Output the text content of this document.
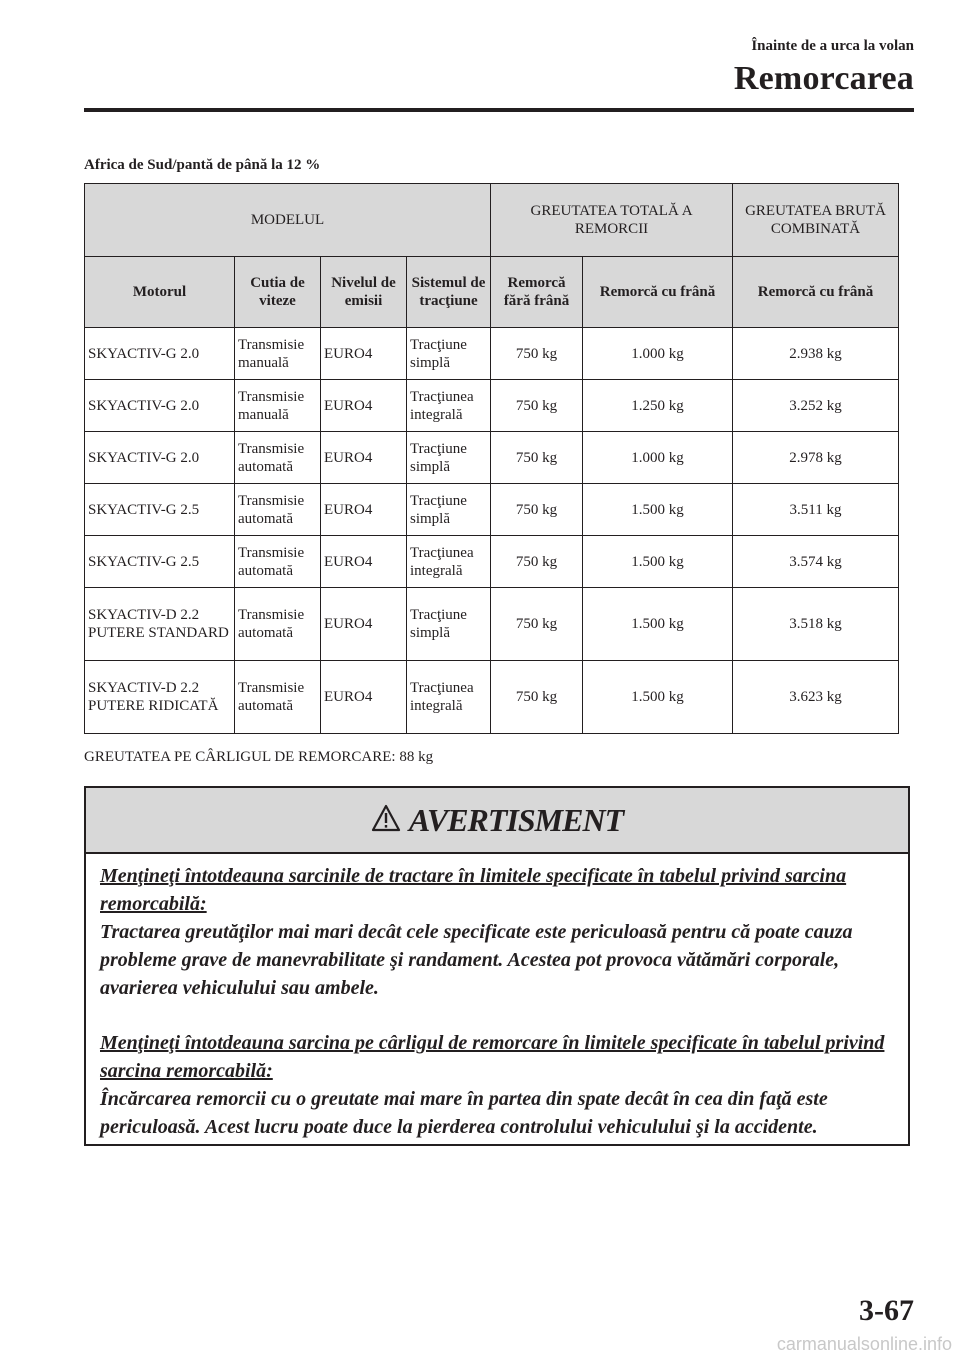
Înainte de a urca la volan
Remorcarea
Africa de Sud/pantă de până la 12 %
MODELUL				GREUTATEA TOTALĂ A REMORCII		GREUTATEA BRUTĂ COMBINATĂ
Motorul	Cutia de viteze	Nivelul de emisii	Sistemul de tracţiune	Remorcă fără frână	Remorcă cu frână	Remorcă cu frână
SKYACTIV-G 2.0	Transmisie manuală	EURO4	Tracţiune simplă	750 kg	1.000 kg	2.938 kg
SKYACTIV-G 2.0	Transmisie manuală	EURO4	Tracţiunea integrală	750 kg	1.250 kg	3.252 kg
SKYACTIV-G 2.0	Transmisie automată	EURO4	Tracţiune simplă	750 kg	1.000 kg	2.978 kg
SKYACTIV-G 2.5	Transmisie automată	EURO4	Tracţiune simplă	750 kg	1.500 kg	3.511 kg
SKYACTIV-G 2.5	Transmisie automată	EURO4	Tracţiunea integrală	750 kg	1.500 kg	3.574 kg
SKYACTIV-D 2.2 PUTERE STANDARD	Transmisie automată	EURO4	Tracţiune simplă	750 kg	1.500 kg	3.518 kg
SKYACTIV-D 2.2 PUTERE RIDICATĂ	Transmisie automată	EURO4	Tracţiunea integrală	750 kg	1.500 kg	3.623 kg
GREUTATEA PE CÂRLIGUL DE REMORCARE: 88 kg
AVERTISMENT

Menţineţi întotdeauna sarcinile de tractare în limitele specificate în tabelul privind sarcina remorcabilă:

Tractarea greutăţilor mai mari decât cele specificate este periculoasă pentru că poate cauza probleme grave de manevrabilitate şi randament. Acestea pot provoca vătămări corporale, avarierea vehiculului sau ambele.

Menţineţi întotdeauna sarcina pe cârligul de remorcare în limitele specificate în tabelul privind sarcina remorcabilă:

Încărcarea remorcii cu o greutate mai mare în partea din spate decât în cea din faţă este periculoasă. Acest lucru poate duce la pierderea controlului vehiculului şi la accidente.

3-67
carmanualsonline.info
